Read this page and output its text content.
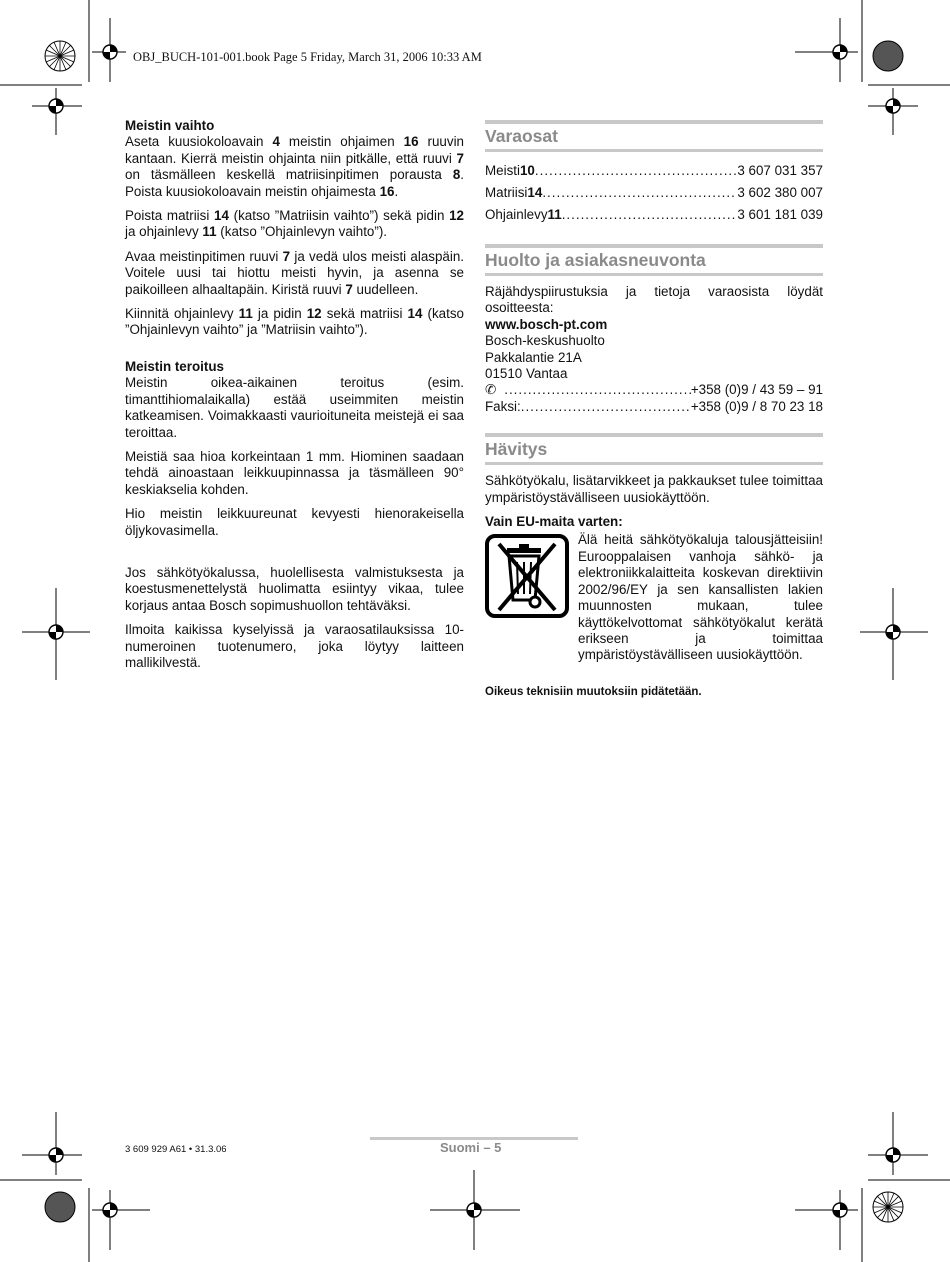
OBJ_BUCH-101-001.book Page 5 Friday, March 31, 2006 10:33 AM
Meistin vaihto

Aseta kuusiokoloavain 4 meistin ohjaimen 16 ruuvin kantaan. Kierrä meistin ohjainta niin pitkälle, että ruuvi 7 on täsmälleen keskellä matriisinpitimen porausta 8. Poista kuusiokoloavain meistin ohjaimesta 16.

Poista matriisi 14 (katso ”Matriisin vaihto”) sekä pidin 12 ja ohjainlevy 11 (katso ”Ohjainlevyn vaihto”).

Avaa meistinpitimen ruuvi 7 ja vedä ulos meisti alaspäin. Voitele uusi tai hiottu meisti hyvin, ja asenna se paikoilleen alhaaltapäin. Kiristä ruuvi 7 uudelleen.

Kiinnitä ohjainlevy 11 ja pidin 12 sekä matriisi 14 (katso ”Ohjainlevyn vaihto” ja ”Matriisin vaihto”).

Meistin teroitus

Meistin oikea-aikainen teroitus (esim. timanttihiomalaikalla) estää useimmiten meistin katkeamisen. Voimakkaasti vaurioituneita meistejä ei saa teroittaa.

Meistiä saa hioa korkeintaan 1 mm. Hiominen saadaan tehdä ainoastaan leikkuupinnassa ja täsmälleen 90° keskiakselia kohden.

Hio meistin leikkuureunat kevyesti hienorakeisella öljykovasimella.

Jos sähkötyökalussa, huolellisesta valmistuksesta ja koestusmenettelystä huolimatta esiintyy vikaa, tulee korjaus antaa Bosch sopimushuollon tehtäväksi.

Ilmoita kaikissa kyselyissä ja varaosatilauksissa 10-numeroinen tuotenumero, joka löytyy laitteen mallikilvestä.

Varaosat
Meisti 10 .....	3 607 031 357
Matriisi 14 .....	3 602 380 007
Ohjainlevy 11 .....	3 601 181 039
Huolto ja asiakasneuvonta

Räjähdyspiirustuksia ja tietoja varaosista löydät osoitteesta:

www.bosch-pt.com
Bosch-keskushuolto
Pakkalantie 21A
01510 Vantaa
✆ .....	+358 (0)9 / 43 59 – 91
Faksi: .....	+358 (0)9 / 8 70 23 18
Hävitys

Sähkötyökalu, lisätarvikkeet ja pakkaukset tulee toimittaa ympäristöystävälliseen uusiokäyttöön.

Vain EU-maita varten:
Älä heitä sähkötyökaluja talousjätteisiin! Eurooppalaisen vanhoja sähkö- ja elektroniikkalaitteita koskevan direktiivin 2002/96/EY ja sen kansallisten lakien muunnosten mukaan, tulee käyttökelvottomat sähkötyökalut kerätä erikseen ja toimittaa ympäristöystävälliseen uusiokäyttöön.
Oikeus teknisiin muutoksiin pidätetään.
3 609 929 A61 • 31.3.06	Suomi – 5
